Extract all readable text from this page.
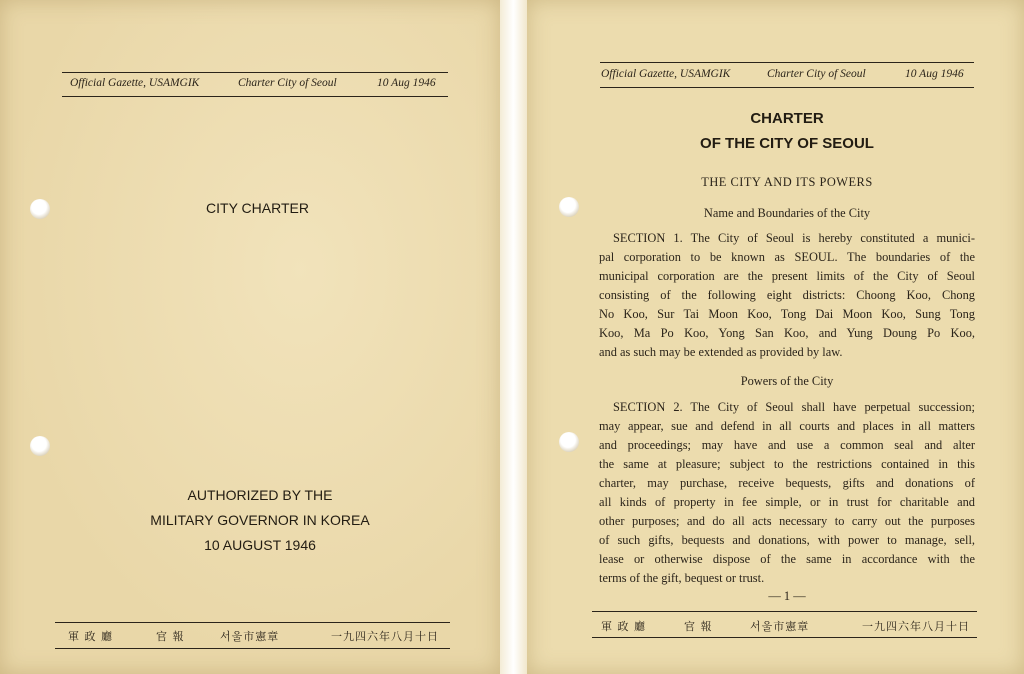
Official Gazette, USAMGIK	Charter City of Seoul	10 Aug 1946
CITY CHARTER
AUTHORIZED BY THE
MILITARY GOVERNOR IN KOREA
10 AUGUST 1946
軍 政 廳	官 報	서울市憲章	一九四六年八月十日
Official Gazette, USAMGIK	Charter City of Seoul	10 Aug 1946
CHARTER
OF THE CITY OF SEOUL
THE CITY AND ITS POWERS
Name and Boundaries of the City
SECTION 1. The City of Seoul is hereby constituted a munici-
pal corporation to be known as SEOUL. The boundaries of the
municipal corporation are the present limits of the City of Seoul
consisting of the following eight districts: Choong Koo, Chong
No Koo, Sur Tai Moon Koo, Tong Dai Moon Koo, Sung Tong
Koo, Ma Po Koo, Yong San Koo, and Yung Doung Po Koo,
and as such may be extended as provided by law.
Powers of the City
SECTION 2. The City of Seoul shall have perpetual succession;
may appear, sue and defend in all courts and places in all matters
and proceedings; may have and use a common seal and alter
the same at pleasure; subject to the restrictions contained in this
charter, may purchase, receive bequests, gifts and donations of
all kinds of property in fee simple, or in trust for charitable and
other purposes; and do all acts necessary to carry out the purposes
of such gifts, bequests and donations, with power to manage, sell,
lease or otherwise dispose of the same in accordance with the
terms of the gift, bequest or trust.
— 1 —
軍 政 廳	官 報	서울市憲章	一九四六年八月十日
